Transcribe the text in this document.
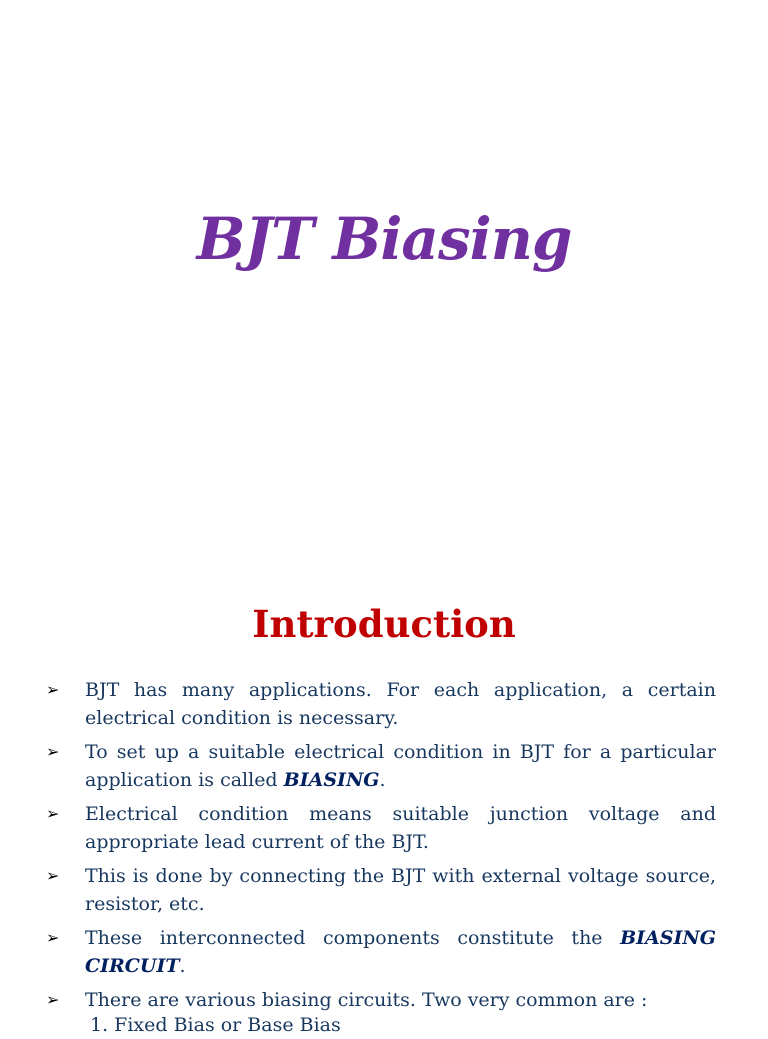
BJT Biasing
Introduction
➢ BJT has many applications. For each application, a certain electrical condition is necessary.
➢ To set up a suitable electrical condition in BJT for a particular application is called BIASING.
➢ Electrical condition means suitable junction voltage and appropriate lead current of the BJT.
➢ This is done by connecting the BJT with external voltage source, resistor, etc.
➢ These interconnected components constitute the BIASING CIRCUIT.
➢ There are various biasing circuits. Two very common are :
1. Fixed Bias or Base Bias
